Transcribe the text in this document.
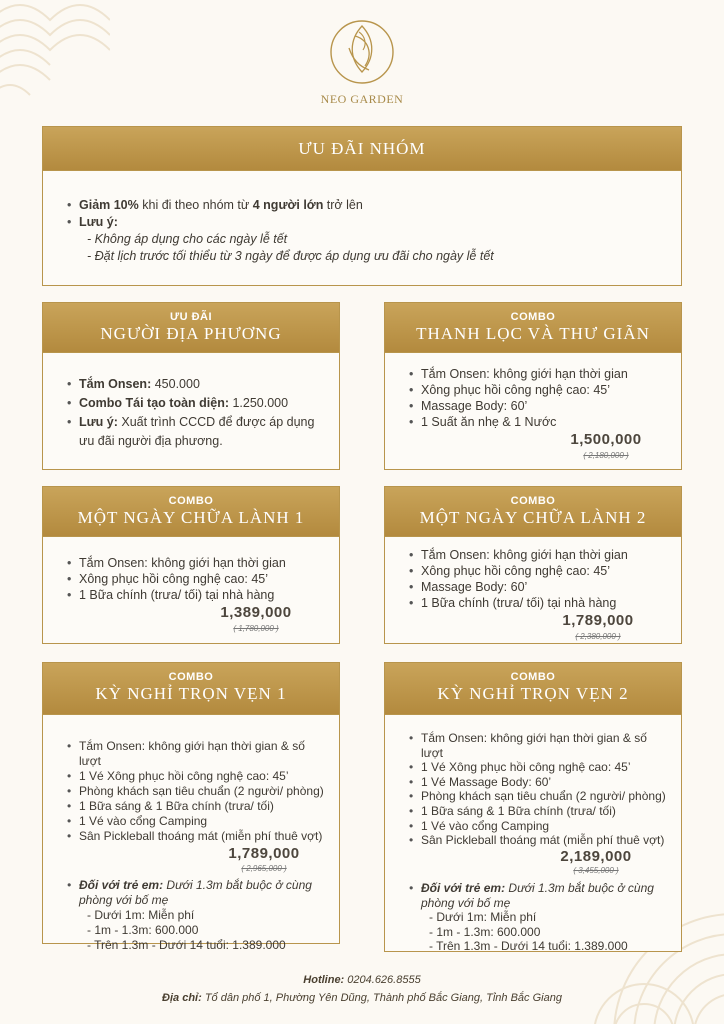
NEO GARDEN
ƯU ĐÃI NHÓM
• Giảm 10% khi đi theo nhóm từ 4 người lớn trở lên
• Lưu ý:
- Không áp dụng cho các ngày lễ tết
- Đặt lịch trước tối thiểu từ 3 ngày để được áp dụng ưu đãi cho ngày lễ tết
ƯU ĐÃI
NGƯỜI ĐỊA PHƯƠNG
• Tắm Onsen: 450.000
• Combo Tái tạo toàn diện: 1.250.000
• Lưu ý: Xuất trình CCCD để được áp dụng ưu đãi người địa phương.
COMBO
THANH LỌC VÀ THƯ GIÃN
• Tắm Onsen: không giới hạn thời gian
• Xông phục hồi công nghệ cao: 45’
• Massage Body: 60’
• 1 Suất ăn nhẹ & 1 Nước
1,500,000
( 2,180,000 )
COMBO
MỘT NGÀY CHỮA LÀNH 1
• Tắm Onsen: không giới hạn thời gian
• Xông phục hồi công nghệ cao: 45’
• 1 Bữa chính (trưa/ tối) tại nhà hàng
1,389,000
( 1,780,000 )
COMBO
MỘT NGÀY CHỮA LÀNH 2
• Tắm Onsen: không giới hạn thời gian
• Xông phục hồi công nghệ cao: 45’
• Massage Body: 60’
• 1 Bữa chính (trưa/ tối) tại nhà hàng
1,789,000
( 2,380,000 )
COMBO
KỲ NGHỈ TRỌN VẸN 1
• Tắm Onsen: không giới hạn thời gian & số lượt
• 1 Vé Xông phục hồi công nghệ cao: 45’
• Phòng khách sạn tiêu chuẩn (2 người/ phòng)
• 1 Bữa sáng & 1 Bữa chính (trưa/ tối)
• 1 Vé vào cổng Camping
• Sân Pickleball thoáng mát (miễn phí thuê vợt)
1,789,000
( 2,965,000 )
• Đối với trẻ em: Dưới 1.3m bắt buộc ở cùng phòng với bố mẹ
- Dưới 1m: Miễn phí
- 1m - 1.3m: 600.000
- Trên 1.3m - Dưới 14 tuổi: 1.389.000
COMBO
KỲ NGHỈ TRỌN VẸN 2
• Tắm Onsen: không giới hạn thời gian & số lượt
• 1 Vé Xông phục hồi công nghệ cao: 45’
• 1 Vé Massage Body: 60’
• Phòng khách sạn tiêu chuẩn (2 người/ phòng)
• 1 Bữa sáng & 1 Bữa chính (trưa/ tối)
• 1 Vé vào cổng Camping
• Sân Pickleball thoáng mát (miễn phí thuê vợt)
2,189,000
( 3,455,000 )
• Đối với trẻ em: Dưới 1.3m bắt buộc ở cùng phòng với bố mẹ
- Dưới 1m: Miễn phí
- 1m - 1.3m: 600.000
- Trên 1.3m - Dưới 14 tuổi: 1.389.000
Hotline: 0204.626.8555
Địa chỉ: Tổ dân phố 1, Phường Yên Dũng, Thành phố Bắc Giang, Tỉnh Bắc Giang
